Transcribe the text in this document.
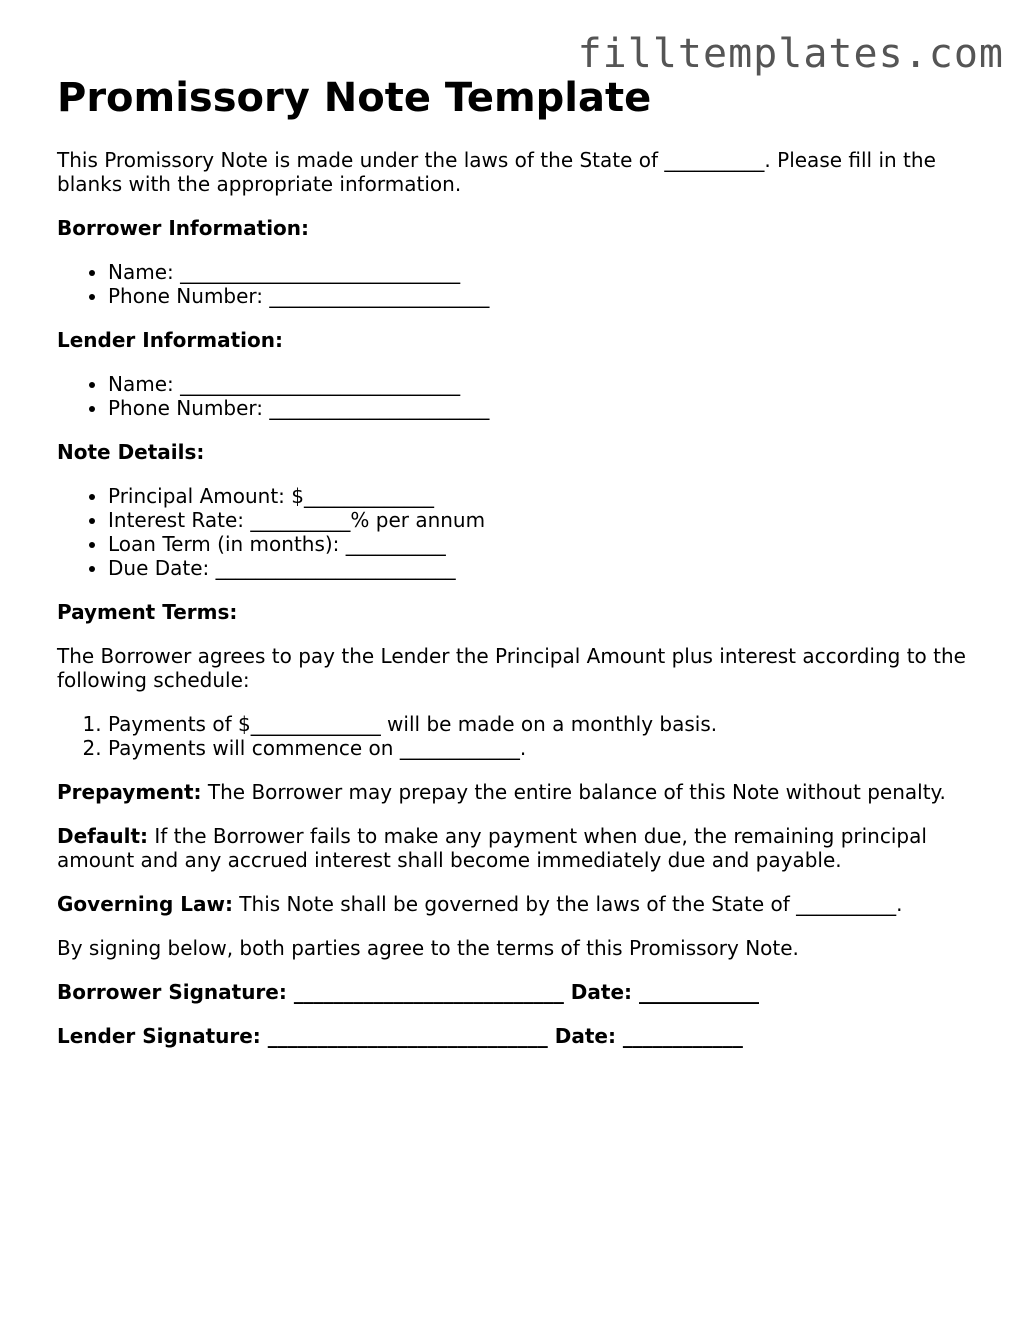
filltemplates.com
Promissory Note Template

This Promissory Note is made under the laws of the State of __________. Please fill in the blanks with the appropriate information.

Borrower Information:
• Name: ____________________________
• Phone Number: ______________________
Lender Information:
• Name: ____________________________
• Phone Number: ______________________
Note Details:
• Principal Amount: $_____________
• Interest Rate: __________% per annum
• Loan Term (in months): __________
• Due Date: ________________________
Payment Terms:

The Borrower agrees to pay the Lender the Principal Amount plus interest according to the following schedule:

1. Payments of $_____________ will be made on a monthly basis.
2. Payments will commence on ____________.

Prepayment: The Borrower may prepay the entire balance of this Note without penalty.

Default: If the Borrower fails to make any payment when due, the remaining principal amount and any accrued interest shall become immediately due and payable.

Governing Law: This Note shall be governed by the laws of the State of __________.

By signing below, both parties agree to the terms of this Promissory Note.

Borrower Signature: ___________________________ Date: ____________

Lender Signature: ____________________________ Date: ____________
